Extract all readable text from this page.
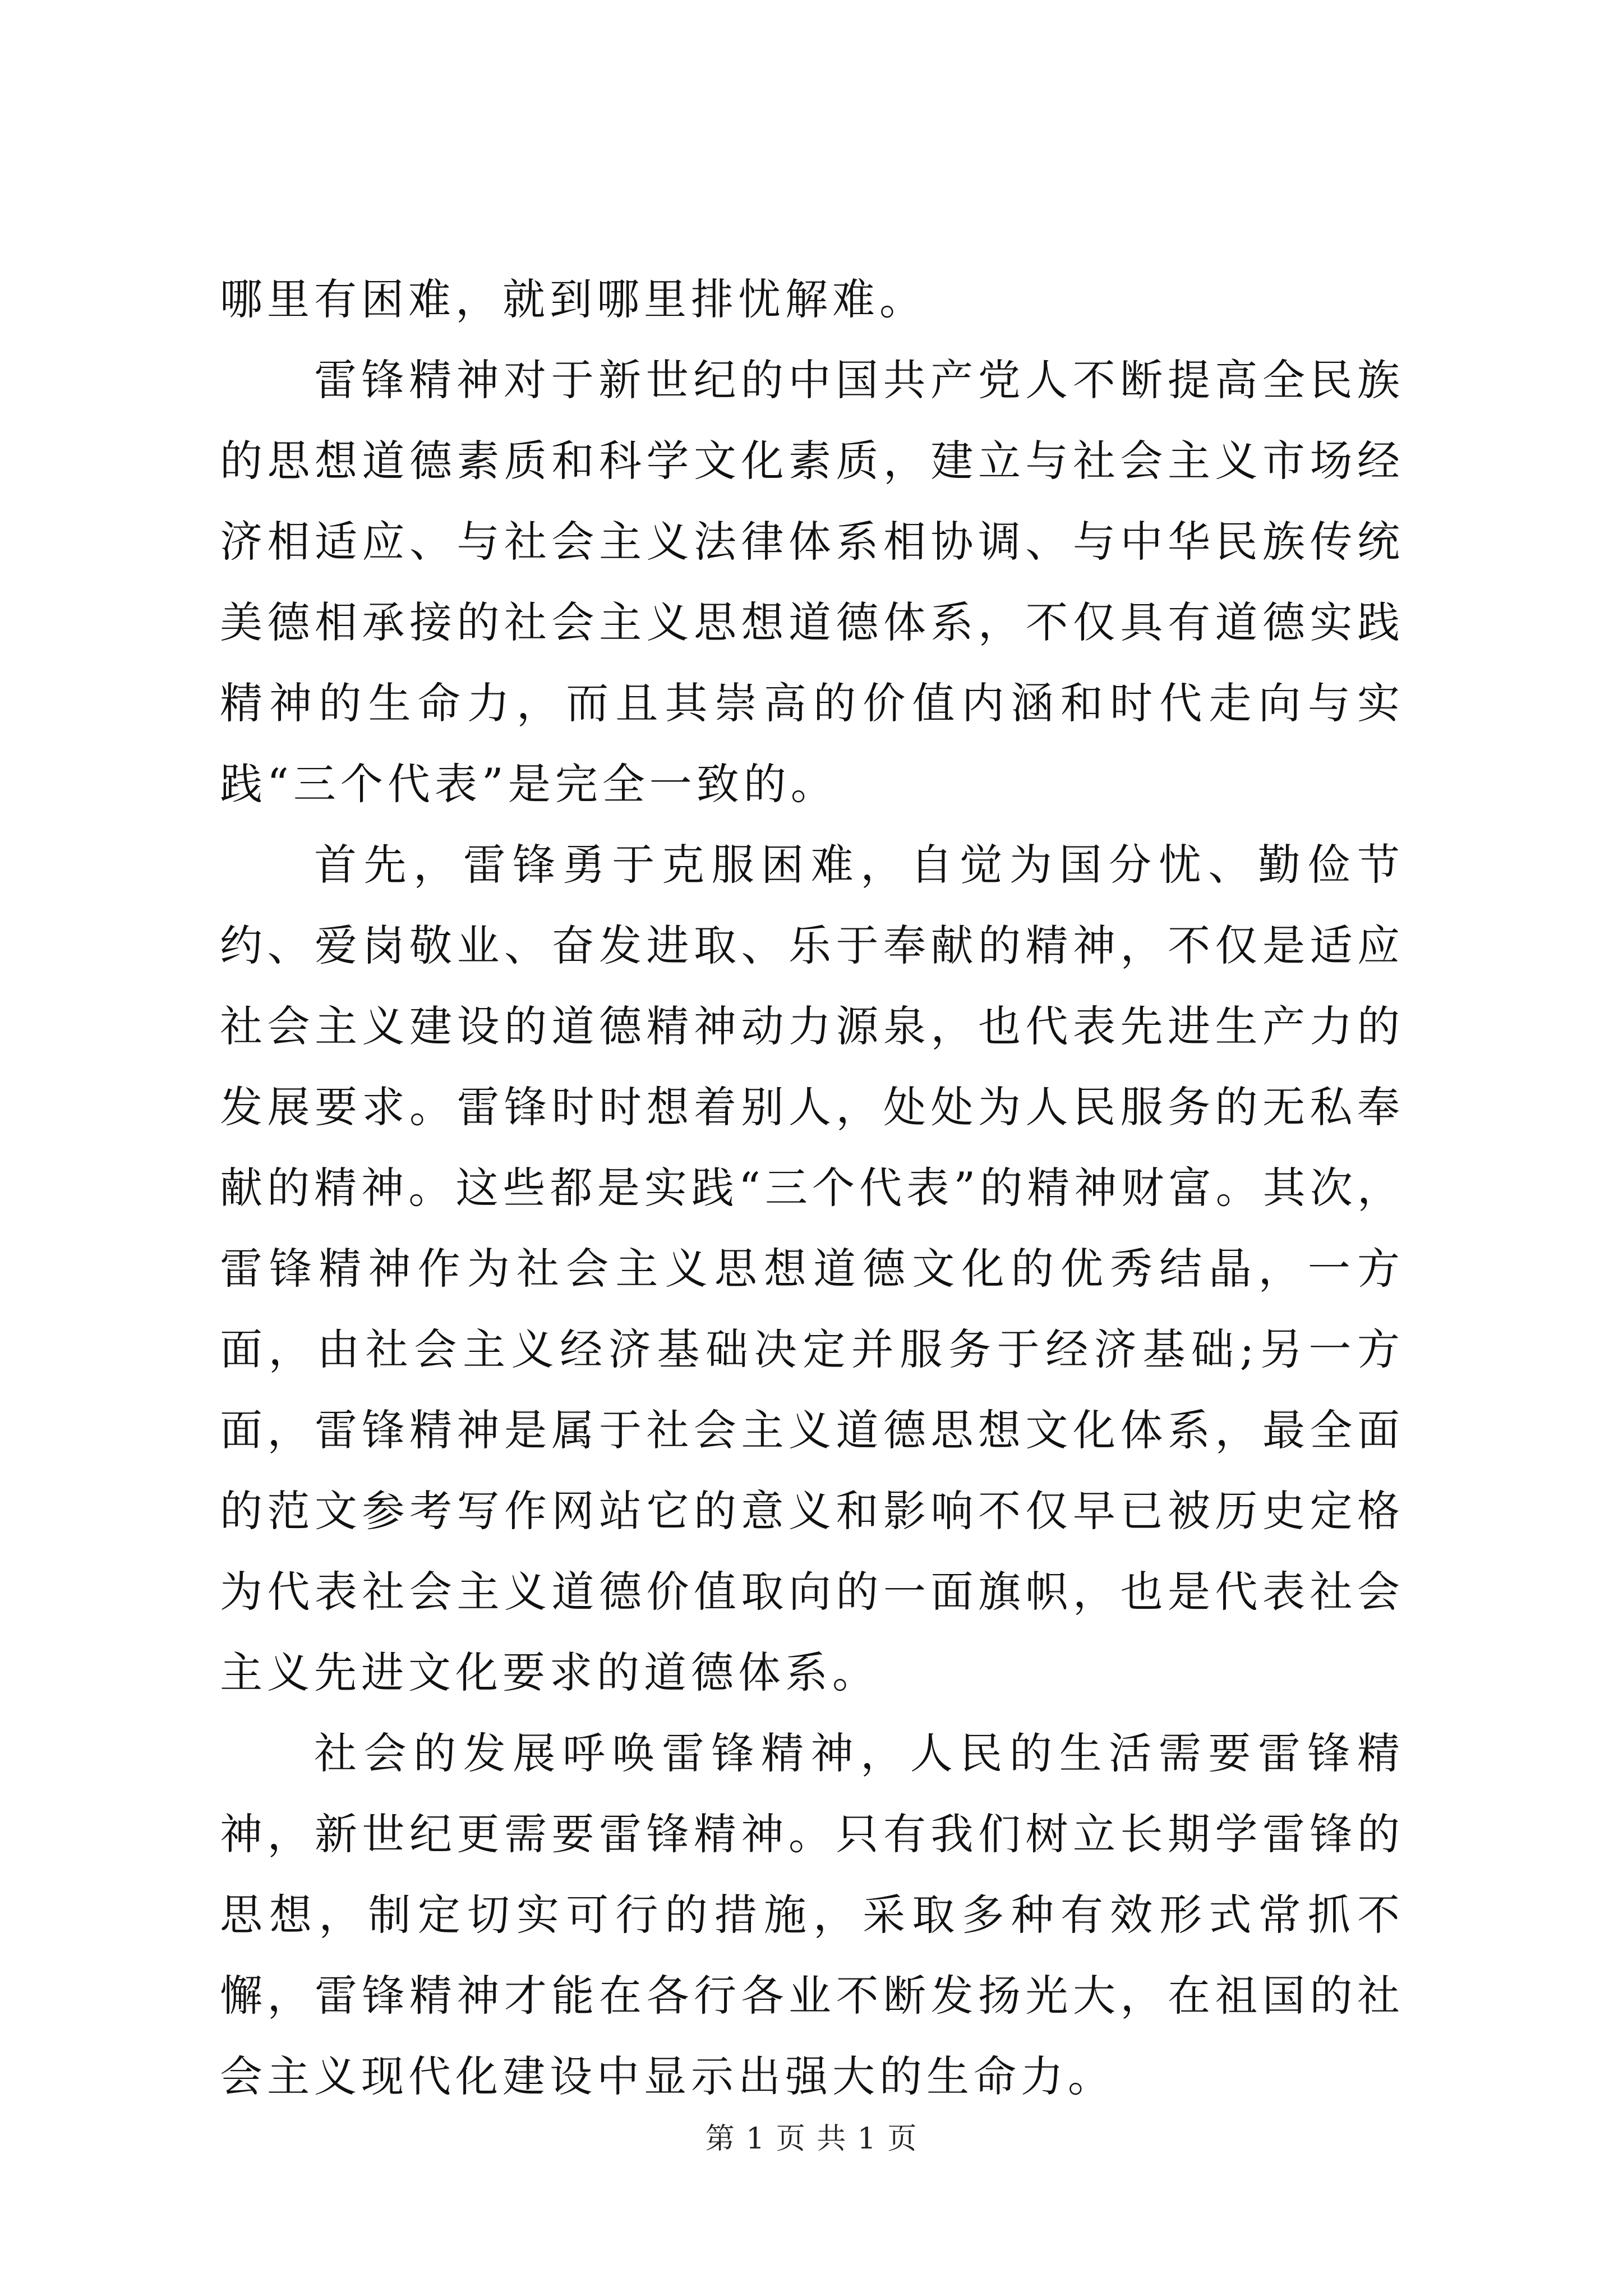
哪里有困难，就到哪里排忧解难。

雷锋精神对于新世纪的中国共产党人不断提高全民族的思想道德素质和科学文化素质，建立与社会主义市场经济相适应、与社会主义法律体系相协调、与中华民族传统美德相承接的社会主义思想道德体系，不仅具有道德实践精神的生命力，而且其崇高的价值内涵和时代走向与实践“三个代表”是完全一致的。

首先，雷锋勇于克服困难，自觉为国分忧、勤俭节约、爱岗敬业、奋发进取、乐于奉献的精神，不仅是适应社会主义建设的道德精神动力源泉，也代表先进生产力的发展要求。雷锋时时想着别人，处处为人民服务的无私奉献的精神。这些都是实践“三个代表”的精神财富。其次，雷锋精神作为社会主义思想道德文化的优秀结晶，一方面，由社会主义经济基础决定并服务于经济基础;另一方面，雷锋精神是属于社会主义道德思想文化体系，最全面的范文参考写作网站它的意义和影响不仅早已被历史定格为代表社会主义道德价值取向的一面旗帜，也是代表社会主义先进文化要求的道德体系。

社会的发展呼唤雷锋精神，人民的生活需要雷锋精神，新世纪更需要雷锋精神。只有我们树立长期学雷锋的思想，制定切实可行的措施，采取多种有效形式常抓不懈，雷锋精神才能在各行各业不断发扬光大，在祖国的社会主义现代化建设中显示出强大的生命力。

第 1 页 共 1 页
